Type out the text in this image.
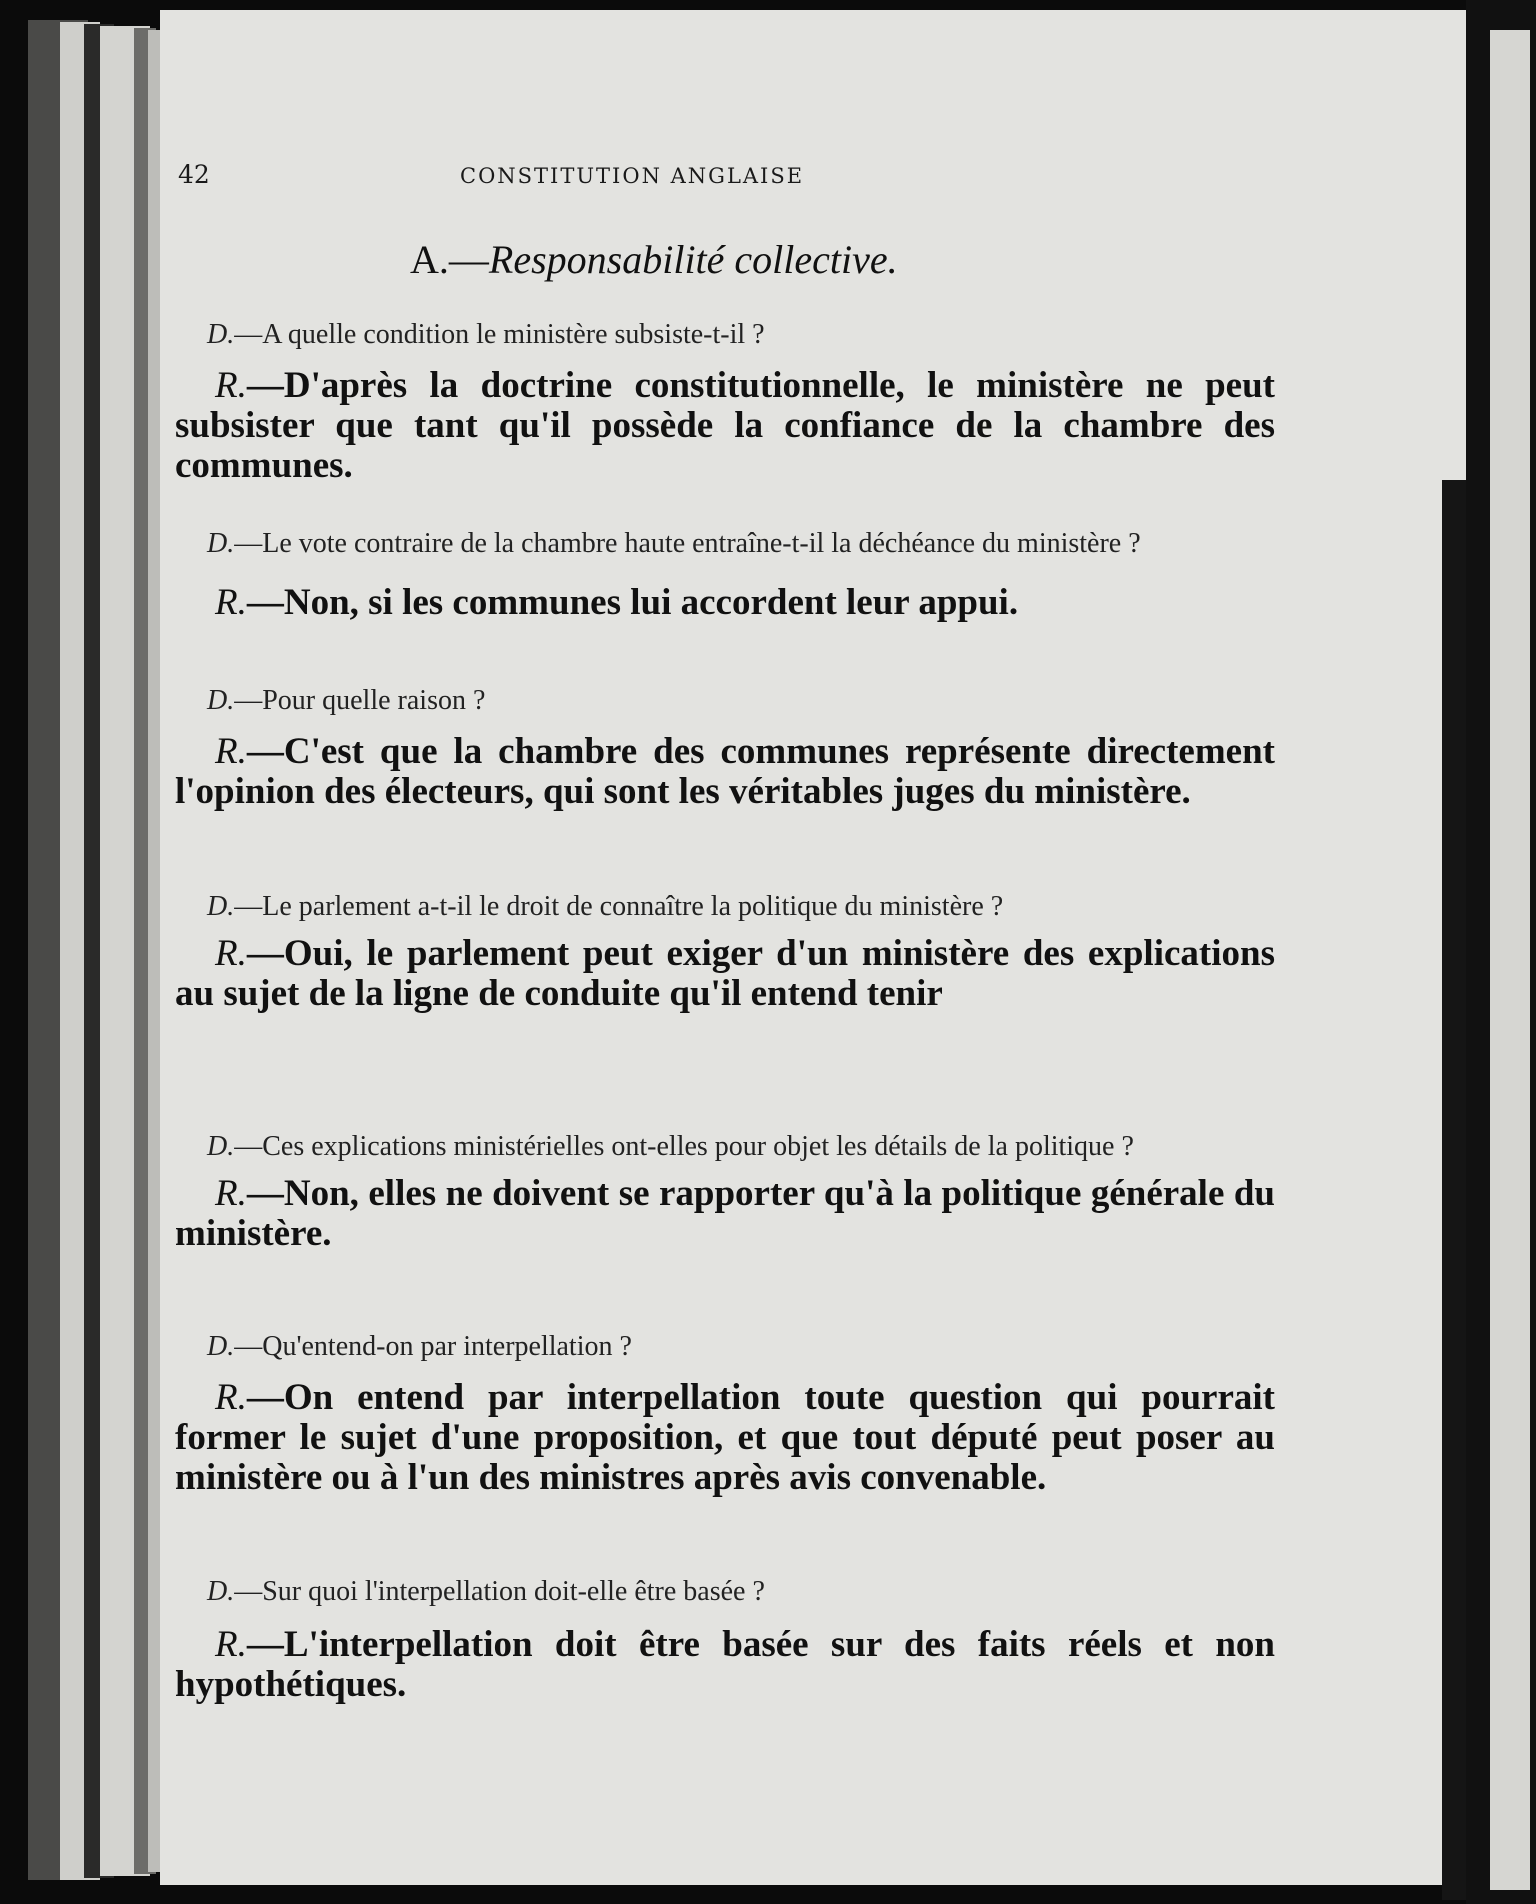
42	CONSTITUTION ANGLAISE
A.—Responsabilité collective.

D.—A quelle condition le ministère subsiste-t-il ?

R.—D'après la doctrine constitutionnelle, le ministère ne peut subsister que tant qu'il possède la confiance de la chambre des communes.

D.—Le vote contraire de la chambre haute entraîne-t-il la déchéance du ministère ?

R.—Non, si les communes lui accordent leur appui.

D.—Pour quelle raison ?

R.—C'est que la chambre des communes représente directement l'opinion des électeurs, qui sont les véritables juges du ministère.

D.—Le parlement a-t-il le droit de connaître la politique du ministère ?

R.—Oui, le parlement peut exiger d'un ministère des explications au sujet de la ligne de conduite qu'il entend tenir

D.—Ces explications ministérielles ont-elles pour objet les détails de la politique ?

R.—Non, elles ne doivent se rapporter qu'à la politique générale du ministère.

D.—Qu'entend-on par interpellation ?

R.—On entend par interpellation toute question qui pourrait former le sujet d'une proposition, et que tout député peut poser au ministère ou à l'un des ministres après avis convenable.

D.—Sur quoi l'interpellation doit-elle être basée ?

R.—L'interpellation doit être basée sur des faits réels et non hypothétiques.
